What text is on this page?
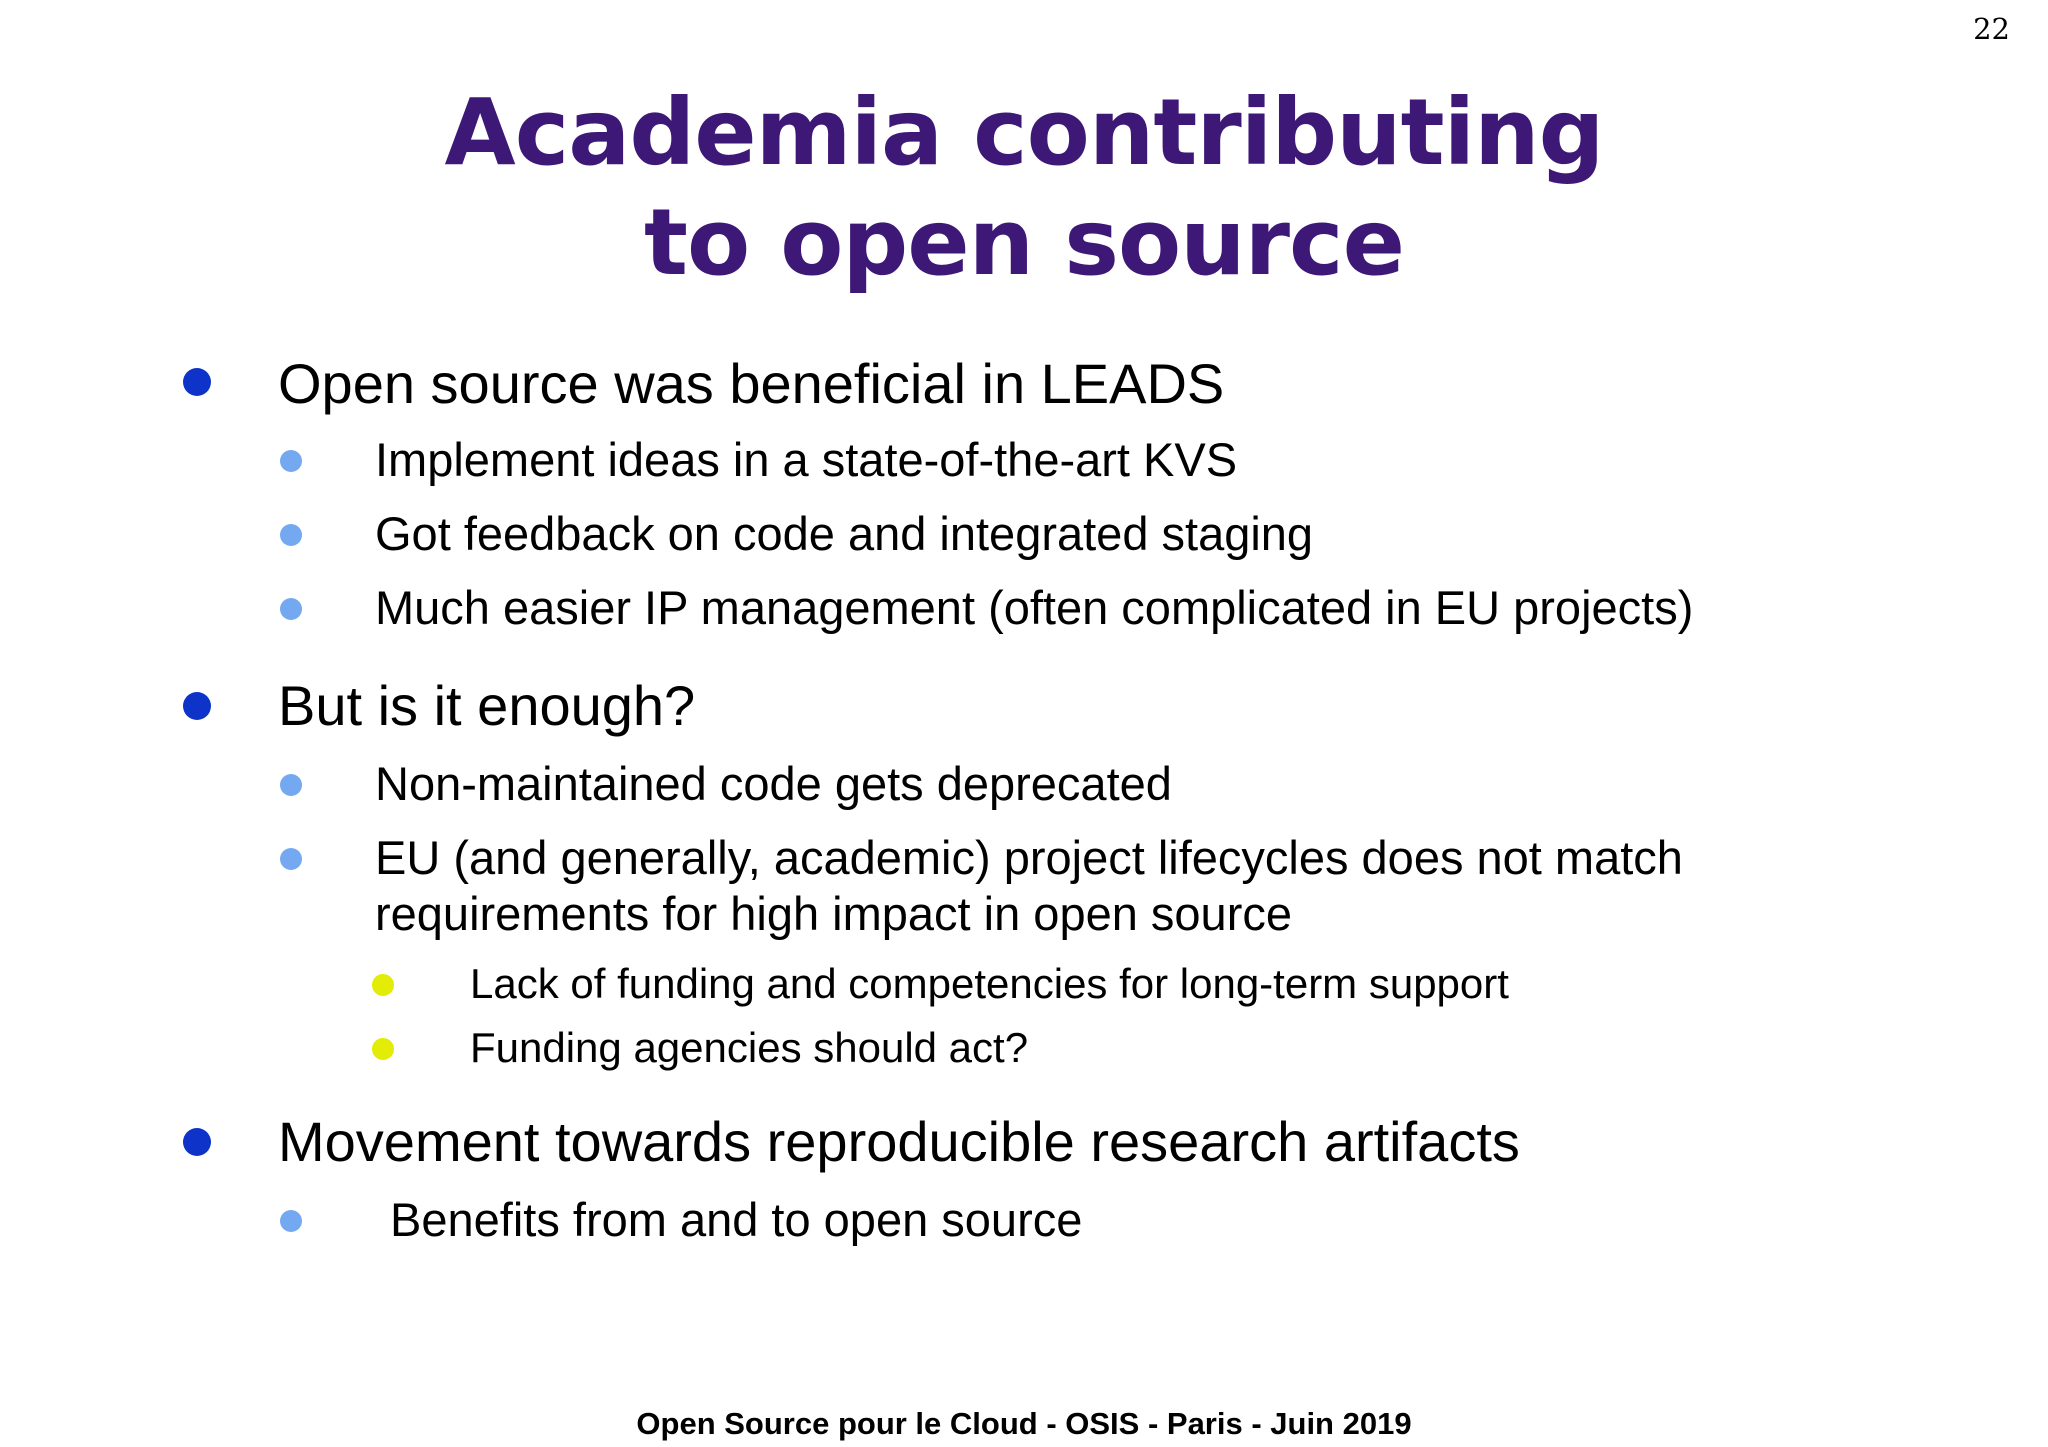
22
Academia contributing
to open source
Open source was beneficial in LEADS
Implement ideas in a state-of-the-art KVS
Got feedback on code and integrated staging
Much easier IP management (often complicated in EU projects)
But is it enough?
Non-maintained code gets deprecated
EU (and generally, academic) project lifecycles does not match
requirements for high impact in open source
Lack of funding and competencies for long-term support
Funding agencies should act?
Movement towards reproducible research artifacts
Benefits from and to open source
Open Source pour le Cloud - OSIS - Paris - Juin 2019
